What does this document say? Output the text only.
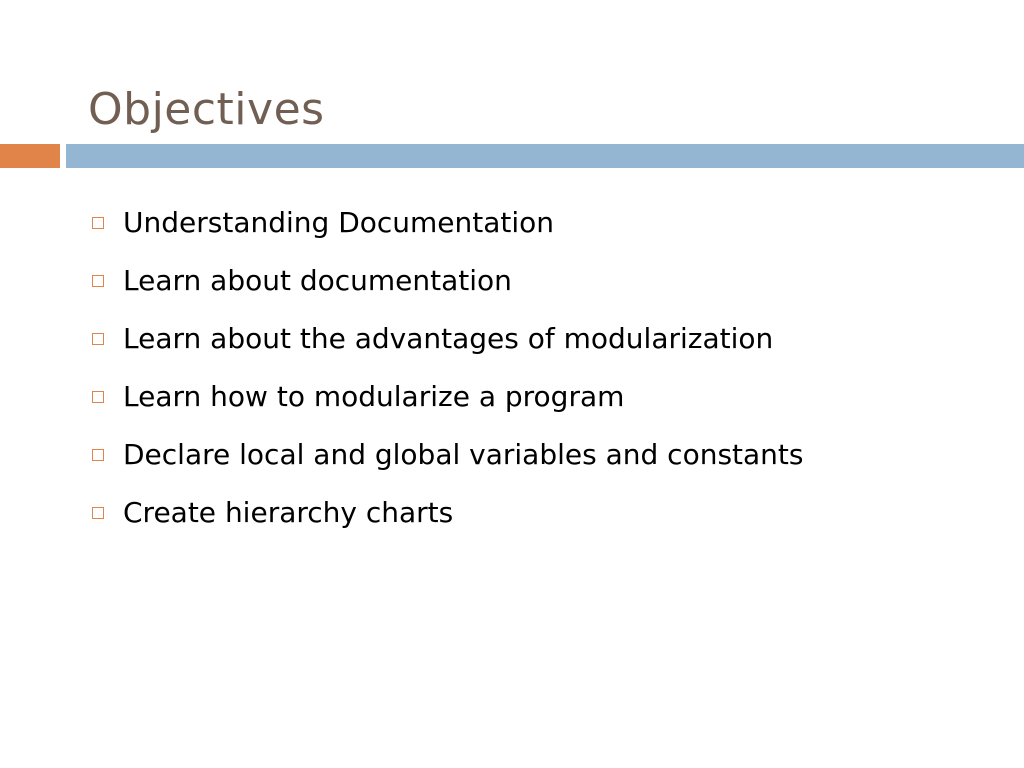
Objectives
Understanding Documentation
Learn about documentation
Learn about the advantages of modularization
Learn how to modularize a program
Declare local and global variables and constants
Create hierarchy charts
